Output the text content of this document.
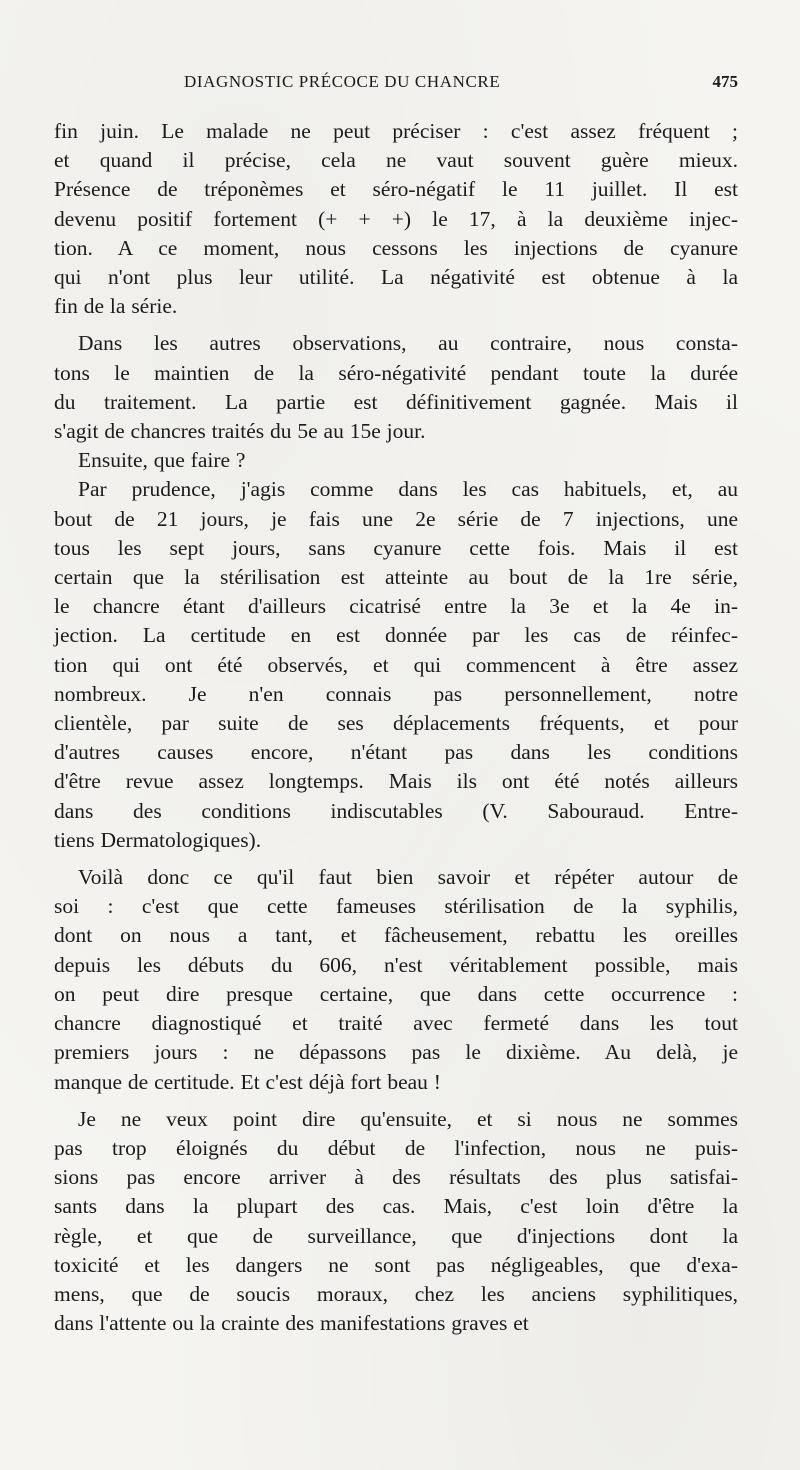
DIAGNOSTIC PRÉCOCE DU CHANCRE	475

fin juin. Le malade ne peut préciser : c'est assez fréquent ;
et quand il précise, cela ne vaut souvent guère mieux.
Présence de tréponèmes et séro-négatif le 11 juillet. Il est
devenu positif fortement (+ + +) le 17, à la deuxième injec-
tion. A ce moment, nous cessons les injections de cyanure
qui n'ont plus leur utilité. La négativité est obtenue à la
fin de la série.

Dans les autres observations, au contraire, nous consta-
tons le maintien de la séro-négativité pendant toute la durée
du traitement. La partie est définitivement gagnée. Mais il
s'agit de chancres traités du 5e au 15e jour.

Ensuite, que faire ?

Par prudence, j'agis comme dans les cas habituels, et, au
bout de 21 jours, je fais une 2e série de 7 injections, une
tous les sept jours, sans cyanure cette fois. Mais il est
certain que la stérilisation est atteinte au bout de la 1re série,
le chancre étant d'ailleurs cicatrisé entre la 3e et la 4e in-
jection. La certitude en est donnée par les cas de réinfec-
tion qui ont été observés, et qui commencent à être assez
nombreux. Je n'en connais pas personnellement, notre
clientèle, par suite de ses déplacements fréquents, et pour
d'autres causes encore, n'étant pas dans les conditions
d'être revue assez longtemps. Mais ils ont été notés ailleurs
dans des conditions indiscutables (V. Sabouraud. Entre-
tiens Dermatologiques).

Voilà donc ce qu'il faut bien savoir et répéter autour de
soi : c'est que cette fameuses stérilisation de la syphilis,
dont on nous a tant, et fâcheusement, rebattu les oreilles
depuis les débuts du 606, n'est véritablement possible, mais
on peut dire presque certaine, que dans cette occurrence :
chancre diagnostiqué et traité avec fermeté dans les tout
premiers jours : ne dépassons pas le dixième. Au delà, je
manque de certitude. Et c'est déjà fort beau !

Je ne veux point dire qu'ensuite, et si nous ne sommes
pas trop éloignés du début de l'infection, nous ne puis-
sions pas encore arriver à des résultats des plus satisfai-
sants dans la plupart des cas. Mais, c'est loin d'être la
règle, et que de surveillance, que d'injections dont la
toxicité et les dangers ne sont pas négligeables, que d'exa-
mens, que de soucis moraux, chez les anciens syphilitiques,
dans l'attente ou la crainte des manifestations graves et
